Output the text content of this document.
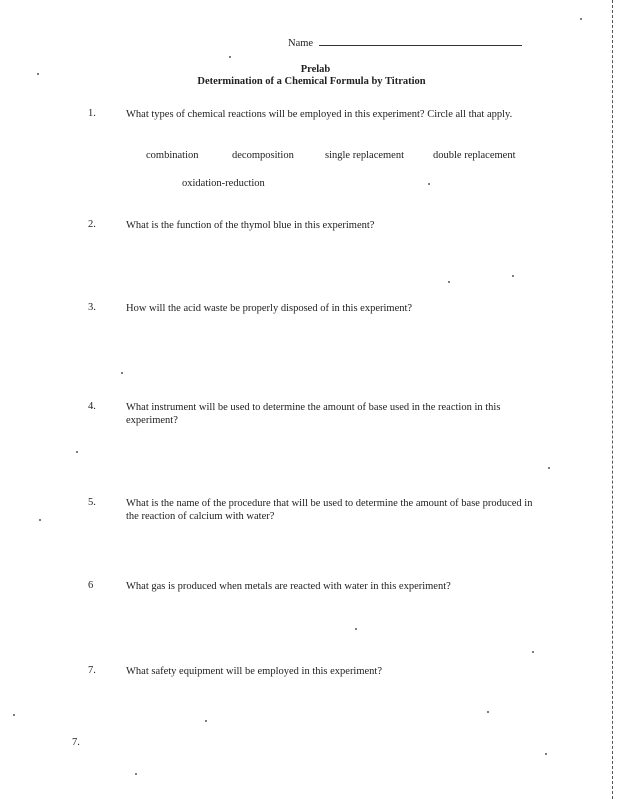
Name
Prelab
Determination of a Chemical Formula by Titration
1.	What types of chemical reactions will be employed in this experiment? Circle all that apply.
combination	decomposition	single replacement	double replacement
oxidation-reduction
2.	What is the function of the thymol blue in this experiment?
3.	How will the acid waste be properly disposed of in this experiment?
4.	What instrument will be used to determine the amount of base used in the reaction in this experiment?
5.	What is the name of the procedure that will be used to determine the amount of base produced in the reaction of calcium with water?
6	What gas is produced when metals are reacted with water in this experiment?
7.	What safety equipment will be employed in this experiment?
7.
